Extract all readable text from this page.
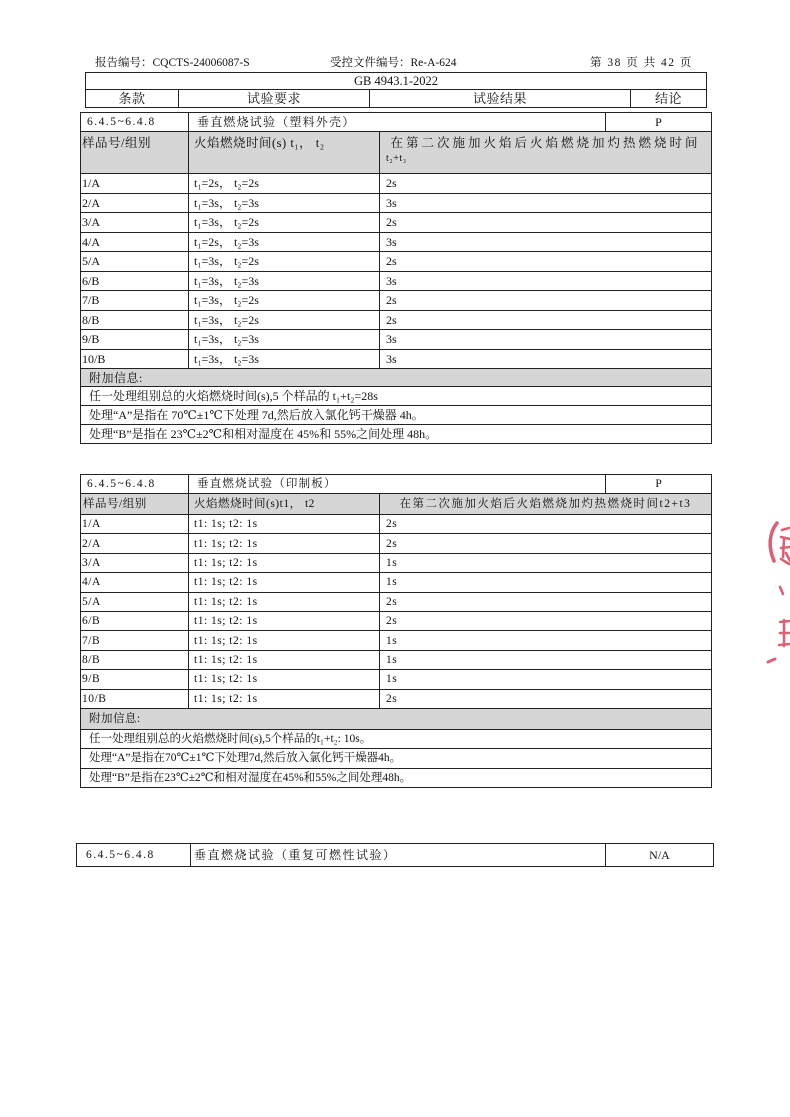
报告编号：CQCTS-24006087-S	受控文件编号：Re-A-624	第 38 页 共 42 页
GB 4943.1-2022
条款	试验要求	试验结果	结论
6.4.5~6.4.8	垂直燃烧试验（塑料外壳）		P
样品号/组别	火焰燃烧时间(s) t₁， t₂	在第二次施加火焰后火焰燃烧加灼热燃烧时间
t₂+t₃	

1/A	t₁=2s， t₂=2s	2s	
2/A	t₁=3s， t₂=3s	3s	
3/A	t₁=3s， t₂=2s	2s	
4/A	t₁=2s， t₂=3s	3s	
5/A	t₁=3s， t₂=2s	2s	
6/B	t₁=3s， t₂=3s	3s	
7/B	t₁=3s， t₂=2s	2s	
8/B	t₁=3s， t₂=2s	2s	
9/B	t₁=3s， t₂=3s	3s	
10/B	t₁=3s， t₂=3s	3s	
附加信息:			
任一处理组别总的火焰燃烧时间(s),5 个样品的 t₁+t₂=28s			
处理“A”是指在 70℃±1℃下处理 7d,然后放入氯化钙干燥器 4h。			
处理“B”是指在 23℃±2℃和相对湿度在 45%和 55%之间处理 48h。			
6.4.5~6.4.8	垂直燃烧试验（印制板）		P
样品号/组别	火焰燃烧时间(s)t1， t2	在第二次施加火焰后火焰燃烧加灼热燃烧时间t2+t3	
1/A	t1: 1s; t2: 1s	2s	
2/A	t1: 1s; t2: 1s	2s	
3/A	t1: 1s; t2: 1s	1s	
4/A	t1: 1s; t2: 1s	1s	
5/A	t1: 1s; t2: 1s	2s	
6/B	t1: 1s; t2: 1s	2s	
7/B	t1: 1s; t2: 1s	1s	
8/B	t1: 1s; t2: 1s	1s	
9/B	t1: 1s; t2: 1s	1s	
10/B	t1: 1s; t2: 1s	2s	
附加信息:			
任一处理组别总的火焰燃烧时间(s),5个样品的t₁+t₂: 10s。			
处理“A”是指在70℃±1℃下处理7d,然后放入氯化钙干燥器4h。			
处理“B”是指在23℃±2℃和相对湿度在45%和55%之间处理48h。			
6.4.5~6.4.8	垂直燃烧试验（重复可燃性试验）	N/A
